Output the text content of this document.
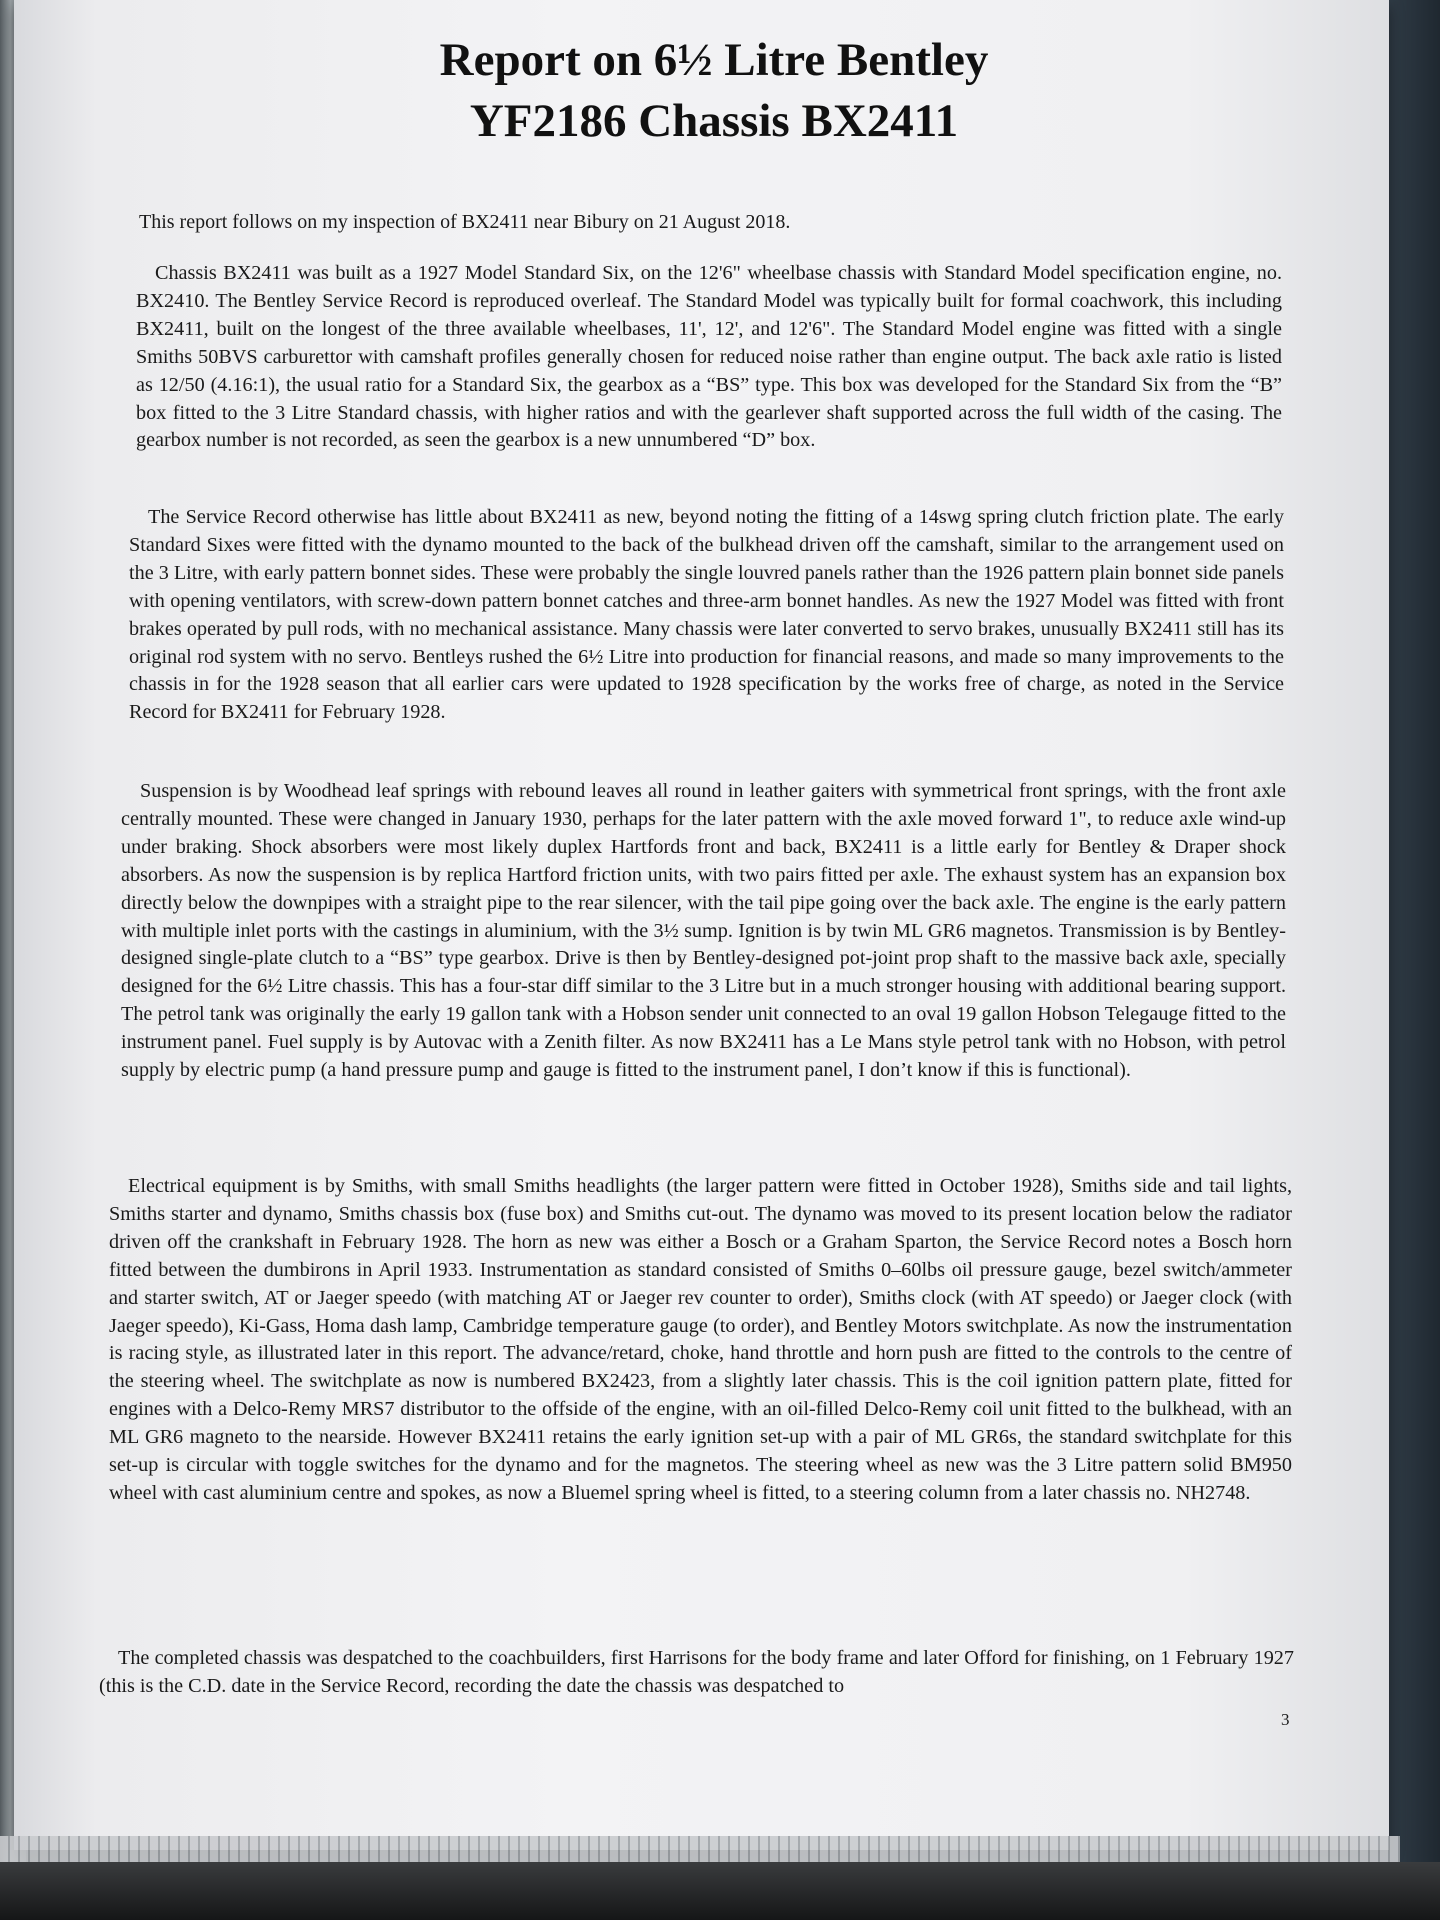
Report on 6½ Litre Bentley
YF2186 Chassis BX2411
This report follows on my inspection of BX2411 near Bibury on 21 August 2018.

Chassis BX2411 was built as a 1927 Model Standard Six, on the 12'6" wheelbase chassis with Standard Model specification engine, no. BX2410. The Bentley Service Record is reproduced overleaf. The Standard Model was typically built for formal coachwork, this including BX2411, built on the longest of the three available wheelbases, 11', 12', and 12'6". The Standard Model engine was fitted with a single Smiths 50BVS carburettor with camshaft profiles generally chosen for reduced noise rather than engine output. The back axle ratio is listed as 12/50 (4.16:1), the usual ratio for a Standard Six, the gearbox as a “BS” type. This box was developed for the Standard Six from the “B” box fitted to the 3 Litre Standard chassis, with higher ratios and with the gearlever shaft supported across the full width of the casing. The gearbox number is not recorded, as seen the gearbox is a new unnumbered “D” box.

The Service Record otherwise has little about BX2411 as new, beyond noting the fitting of a 14swg spring clutch friction plate. The early Standard Sixes were fitted with the dynamo mounted to the back of the bulkhead driven off the camshaft, similar to the arrangement used on the 3 Litre, with early pattern bonnet sides. These were probably the single louvred panels rather than the 1926 pattern plain bonnet side panels with opening ventilators, with screw-down pattern bonnet catches and three-arm bonnet handles. As new the 1927 Model was fitted with front brakes operated by pull rods, with no mechanical assistance. Many chassis were later converted to servo brakes, unusually BX2411 still has its original rod system with no servo. Bentleys rushed the 6½ Litre into production for financial reasons, and made so many improvements to the chassis in for the 1928 season that all earlier cars were updated to 1928 specification by the works free of charge, as noted in the Service Record for BX2411 for February 1928.

Suspension is by Woodhead leaf springs with rebound leaves all round in leather gaiters with symmetrical front springs, with the front axle centrally mounted. These were changed in January 1930, perhaps for the later pattern with the axle moved forward 1", to reduce axle wind-up under braking. Shock absorbers were most likely duplex Hartfords front and back, BX2411 is a little early for Bentley & Draper shock absorbers. As now the suspension is by replica Hartford friction units, with two pairs fitted per axle. The exhaust system has an expansion box directly below the downpipes with a straight pipe to the rear silencer, with the tail pipe going over the back axle. The engine is the early pattern with multiple inlet ports with the castings in aluminium, with the 3½ sump. Ignition is by twin ML GR6 magnetos. Transmission is by Bentley-designed single-plate clutch to a “BS” type gearbox. Drive is then by Bentley-designed pot-joint prop shaft to the massive back axle, specially designed for the 6½ Litre chassis. This has a four-star diff similar to the 3 Litre but in a much stronger housing with additional bearing support. The petrol tank was originally the early 19 gallon tank with a Hobson sender unit connected to an oval 19 gallon Hobson Telegauge fitted to the instrument panel. Fuel supply is by Autovac with a Zenith filter. As now BX2411 has a Le Mans style petrol tank with no Hobson, with petrol supply by electric pump (a hand pressure pump and gauge is fitted to the instrument panel, I don’t know if this is functional).

Electrical equipment is by Smiths, with small Smiths headlights (the larger pattern were fitted in October 1928), Smiths side and tail lights, Smiths starter and dynamo, Smiths chassis box (fuse box) and Smiths cut-out. The dynamo was moved to its present location below the radiator driven off the crankshaft in February 1928. The horn as new was either a Bosch or a Graham Sparton, the Service Record notes a Bosch horn fitted between the dumbirons in April 1933. Instrumentation as standard consisted of Smiths 0–60lbs oil pressure gauge, bezel switch/ammeter and starter switch, AT or Jaeger speedo (with matching AT or Jaeger rev counter to order), Smiths clock (with AT speedo) or Jaeger clock (with Jaeger speedo), Ki-Gass, Homa dash lamp, Cambridge temperature gauge (to order), and Bentley Motors switchplate. As now the instrumentation is racing style, as illustrated later in this report. The advance/retard, choke, hand throttle and horn push are fitted to the controls to the centre of the steering wheel. The switchplate as now is numbered BX2423, from a slightly later chassis. This is the coil ignition pattern plate, fitted for engines with a Delco-Remy MRS7 distributor to the offside of the engine, with an oil-filled Delco-Remy coil unit fitted to the bulkhead, with an ML GR6 magneto to the nearside. However BX2411 retains the early ignition set-up with a pair of ML GR6s, the standard switchplate for this set-up is circular with toggle switches for the dynamo and for the magnetos. The steering wheel as new was the 3 Litre pattern solid BM950 wheel with cast aluminium centre and spokes, as now a Bluemel spring wheel is fitted, to a steering column from a later chassis no. NH2748.

The completed chassis was despatched to the coachbuilders, first Harrisons for the body frame and later Offord for finishing, on 1 February 1927 (this is the C.D. date in the Service Record, recording the date the chassis was despatched to

3
